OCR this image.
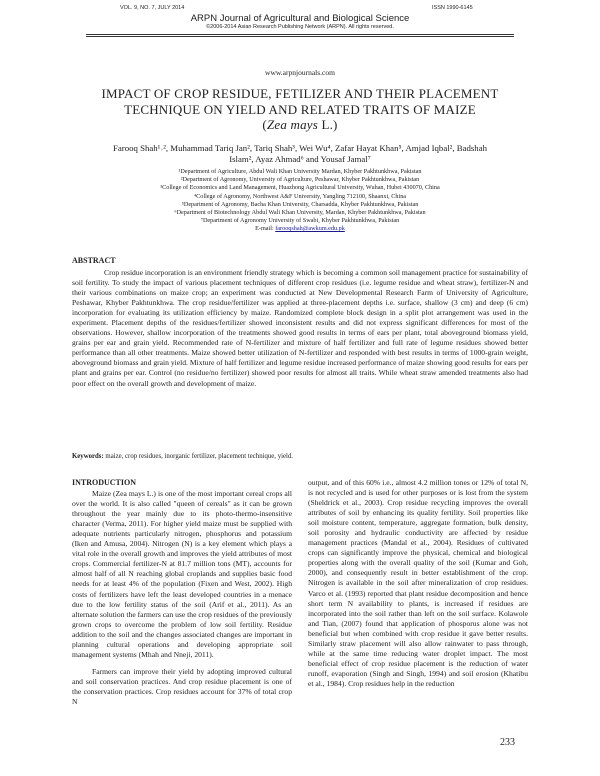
VOL. 9, NO. 7, JULY 2014	ISSN 1990-6145
ARPN Journal of Agricultural and Biological Science
©2006-2014 Asian Research Publishing Network (ARPN). All rights reserved.
www.arpnjournals.com
IMPACT OF CROP RESIDUE, FETILIZER AND THEIR PLACEMENT
TECHNIQUE ON YIELD AND RELATED TRAITS OF MAIZE
(Zea mays L.)
Farooq Shah¹˒², Muhammad Tariq Jan², Tariq Shah³, Wei Wu⁴, Zafar Hayat Khan⁵, Amjad Iqbal², Badshah
Islam², Ayaz Ahmad⁶ and Yousaf Jamal⁷
¹Department of Agriculture, Abdul Wali Khan University Mardan, Khyber Pakhtunkhwa, Pakistan
²Department of Agronomy, University of Agriculture, Peshawar, Khyber Pakhtunkhwa, Pakistan
³College of Economics and Land Management, Huazhong Agricultural University, Wuhan, Hubei 430070, China
⁴College of Agronomy, Northwest A&F University, Yangling 712100, Shaanxi, China
⁵Department of Agronomy, Bacha Khan University, Charsadda, Khyber Pakhtunkhwa, Pakistan
⁶Department of Biotechnology Abdul Wali Khan University, Mardan, Khyber Pakhtunkhwa, Pakistan
⁷Department of Agronomy University of Swabi, Khyber Pakhtunkhwa, Pakistan
E-mail: farooqshah@awkum.edu.pk
ABSTRACT

Crop residue incorporation is an environment friendly strategy which is becoming a common soil management practice for sustainability of soil fertility. To study the impact of various placement techniques of different crop residues (i.e. legume residue and wheat straw), fertilizer-N and their various combinations on maize crop; an experiment was conducted at New Developmental Research Farm of University of Agriculture, Peshawar, Khyber Pakhtunkhwa. The crop residue/fertilizer was applied at three-placement depths i.e. surface, shallow (3 cm) and deep (6 cm) incorporation for evaluating its utilization efficiency by maize. Randomized complete block design in a split plot arrangement was used in the experiment. Placement depths of the residues/fertilizer showed inconsistent results and did not express significant differences for most of the observations. However, shallow incorporation of the treatments showed good results in terms of ears per plant, total aboveground biomass yield, grains per ear and grain yield. Recommended rate of N-fertilizer and mixture of half fertilizer and full rate of legume residues showed better performance than all other treatments. Maize showed better utilization of N-fertilizer and responded with best results in terms of 1000-grain weight, aboveground biomass and grain yield. Mixture of half fertilizer and legume residue increased performance of maize showing good results for ears per plant and grains per ear. Control (no residue/no fertilizer) showed poor results for almost all traits. While wheat straw amended treatments also had poor effect on the overall growth and development of maize.

Keywords: maize, crop residues, inorganic fertilizer, placement technique, yield.
INTRODUCTION

Maize (Zea mays L.) is one of the most important cereal crops all over the world. It is also called "queen of cereals" as it can be grown throughout the year mainly due to its photo-thermo-insensitive character (Verma, 2011). For higher yield maize must be supplied with adequate nutrients particularly nitrogen, phosphorus and potassium (Iken and Amusa, 2004). Nitrogen (N) is a key element which plays a vital role in the overall growth and improves the yield attributes of most crops. Commercial fertilizer-N at 81.7 million tons (MT), accounts for almost half of all N reaching global croplands and supplies basic food needs for at least 4% of the population (Fixen and West, 2002). High costs of fertilizers have left the least developed countries in a menace due to the low fertility status of the soil (Arif et al., 2011). As an alternate solution the farmers can use the crop residues of the previously grown crops to overcome the problem of low soil fertility. Residue addition to the soil and the changes associated changes are important in planning cultural operations and developing appropriate soil management systems (Mhah and Nneji, 2011).

Farmers can improve their yield by adopting improved cultural and soil conservation practices. And crop residue placement is one of the conservation practices. Crop residues account for 37% of total crop N

output, and of this 60% i.e., almost 4.2 million tones or 12% of total N, is not recycled and is used for other purposes or is lost from the system (Sheldrick et al., 2003). Crop residue recycling improves the overall attributes of soil by enhancing its quality fertility. Soil properties like soil moisture content, temperature, aggregate formation, bulk density, soil porosity and hydraulic conductivity are affected by residue management practices (Mandal et al., 2004). Residues of cultivated crops can significantly improve the physical, chemical and biological properties along with the overall quality of the soil (Kumar and Goh, 2000), and consequently result in better establishment of the crop. Nitrogen is available in the soil after mineralization of crop residues. Varco et al. (1993) reported that plant residue decomposition and hence short term N availability to plants, is increased if residues are incorporated into the soil rather than left on the soil surface. Kolawole and Tian, (2007) found that application of phosporus alone was not beneficial but when combined with crop residue it gave better results. Similarly straw placement will also allow rainwater to pass through, while at the same time reducing water droplet impact. The most beneficial effect of crop residue placement is the reduction of water runoff, evaporation (Singh and Singh, 1994) and soil erosion (Khatibu et al., 1984). Crop residues help in the reduction

233
